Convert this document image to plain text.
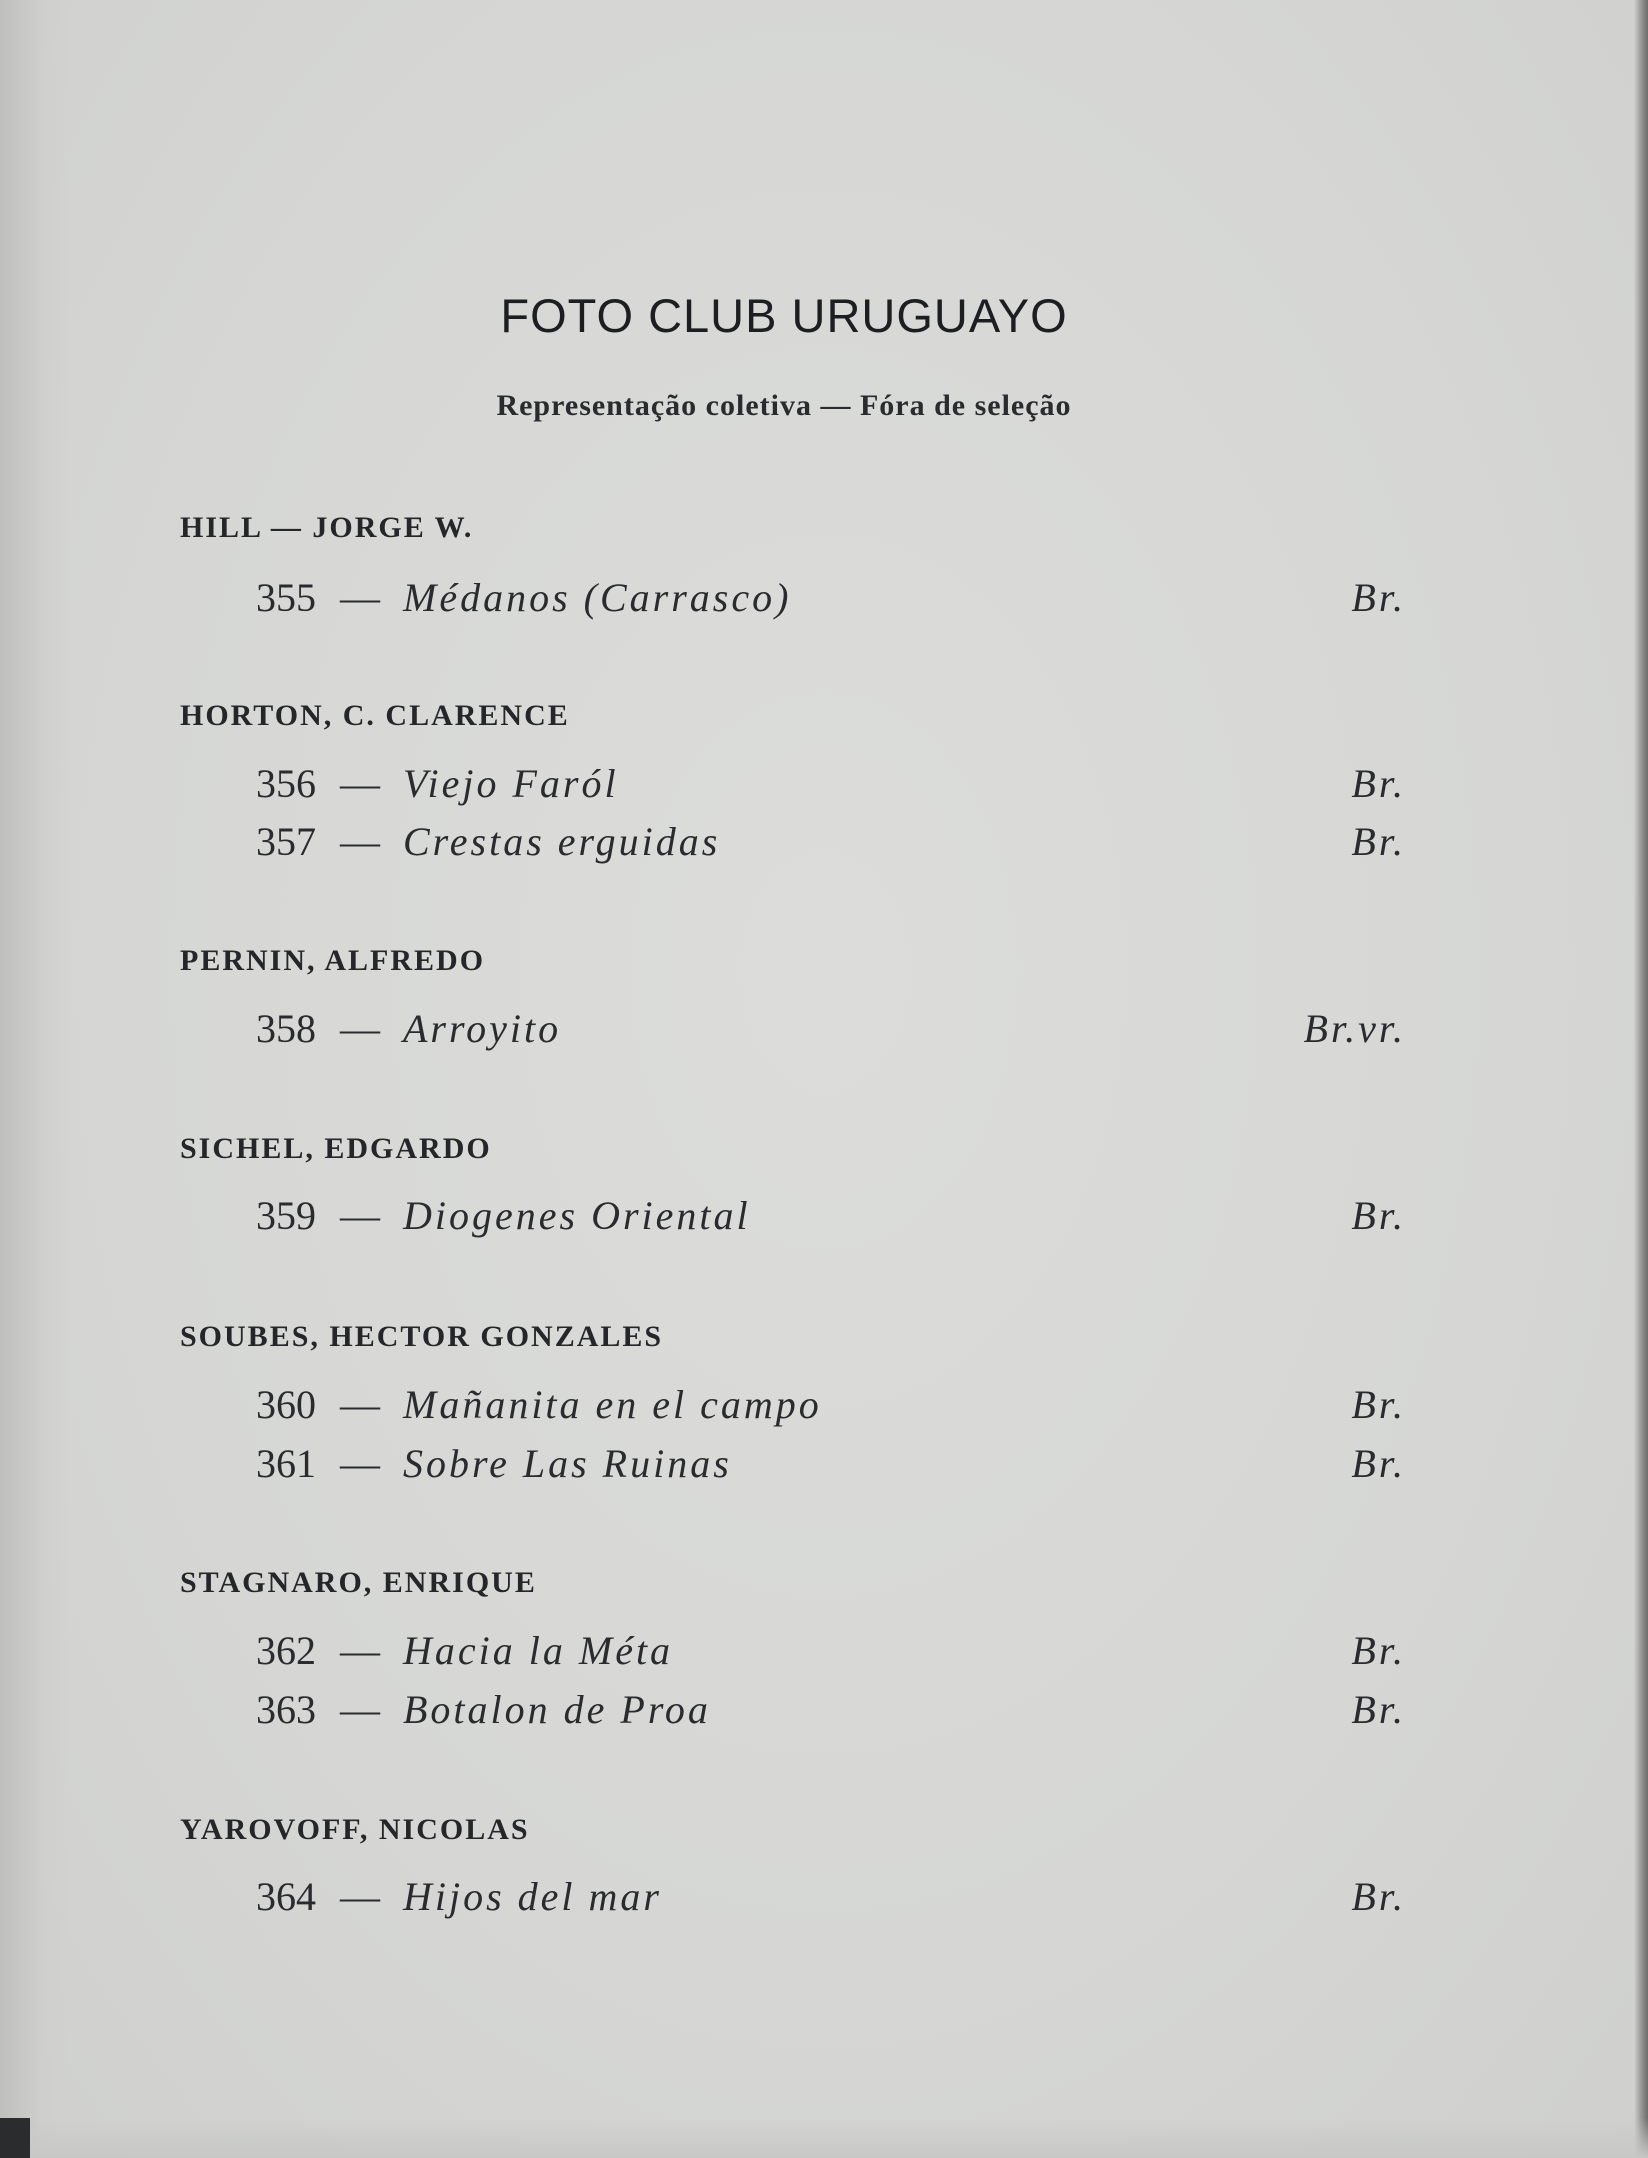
FOTO CLUB URUGUAYO
Representação coletiva — Fóra de seleção
HILL — JORGE W.
355 — Médanos (Carrasco)	Br.
HORTON, C. CLARENCE
356 — Viejo Faról	Br.
357 — Crestas erguidas	Br.
PERNIN, ALFREDO
358 — Arroyito	Br.vr.
SICHEL, EDGARDO
359 — Diogenes Oriental	Br.
SOUBES, HECTOR GONZALES
360 — Mañanita en el campo	Br.
361 — Sobre Las Ruinas	Br.
STAGNARO, ENRIQUE
362 — Hacia la Méta	Br.
363 — Botalon de Proa	Br.
YAROVOFF, NICOLAS
364 — Hijos del mar	Br.
